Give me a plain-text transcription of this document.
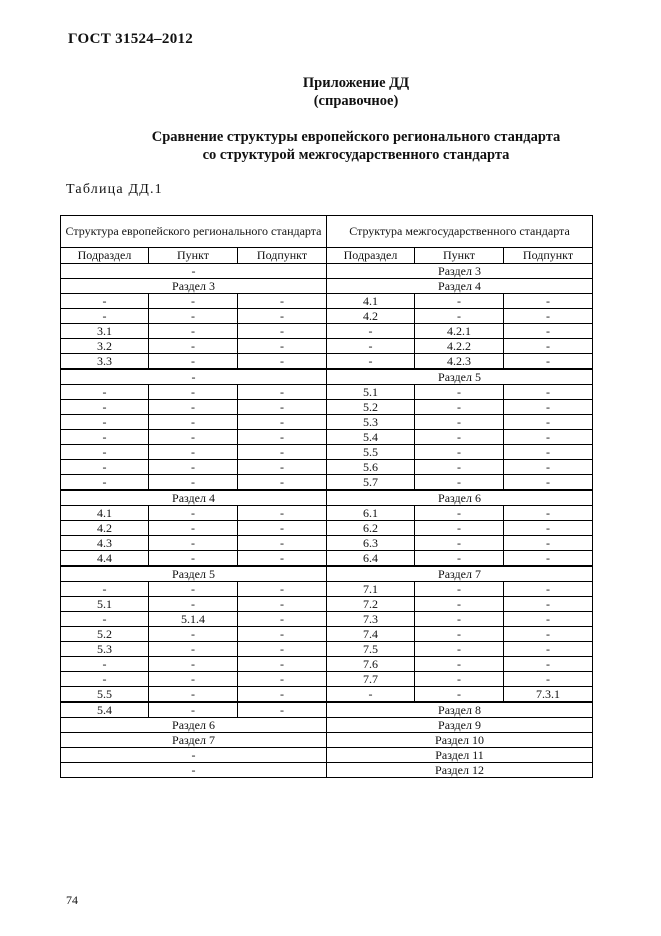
ГОСТ 31524–2012
Приложение ДД
(справочное)
Сравнение структуры европейского регионального стандарта
со структурой межгосударственного стандарта
Таблица ДД.1
Структура европейского регионального стандарта			Структура межгосударственного стандарта		
Подраздел	Пункт	Подпункт	Подраздел	Пункт	Подпункт
-			Раздел 3		
Раздел 3			Раздел 4		
-	-	-	4.1	-	-
-	-	-	4.2	-	-
3.1	-	-	-	4.2.1	-
3.2	-	-	-	4.2.2	-
3.3	-	-	-	4.2.3	-
-			Раздел 5		
-	-	-	5.1	-	-
-	-	-	5.2	-	-
-	-	-	5.3	-	-
-	-	-	5.4	-	-
-	-	-	5.5	-	-
-	-	-	5.6	-	-
-	-	-	5.7	-	-
Раздел 4			Раздел 6		
4.1	-	-	6.1	-	-
4.2	-	-	6.2	-	-
4.3	-	-	6.3	-	-
4.4	-	-	6.4	-	-
Раздел 5			Раздел 7		
-	-	-	7.1	-	-
5.1	-	-	7.2	-	-
-	5.1.4	-	7.3	-	-
5.2	-	-	7.4	-	-
5.3	-	-	7.5	-	-
-	-	-	7.6	-	-
-	-	-	7.7	-	-
5.5	-	-	-	-	7.3.1
5.4	-	-	Раздел 8		
Раздел 6			Раздел 9		
Раздел 7			Раздел 10		
-			Раздел 11		
-			Раздел 12		
74
